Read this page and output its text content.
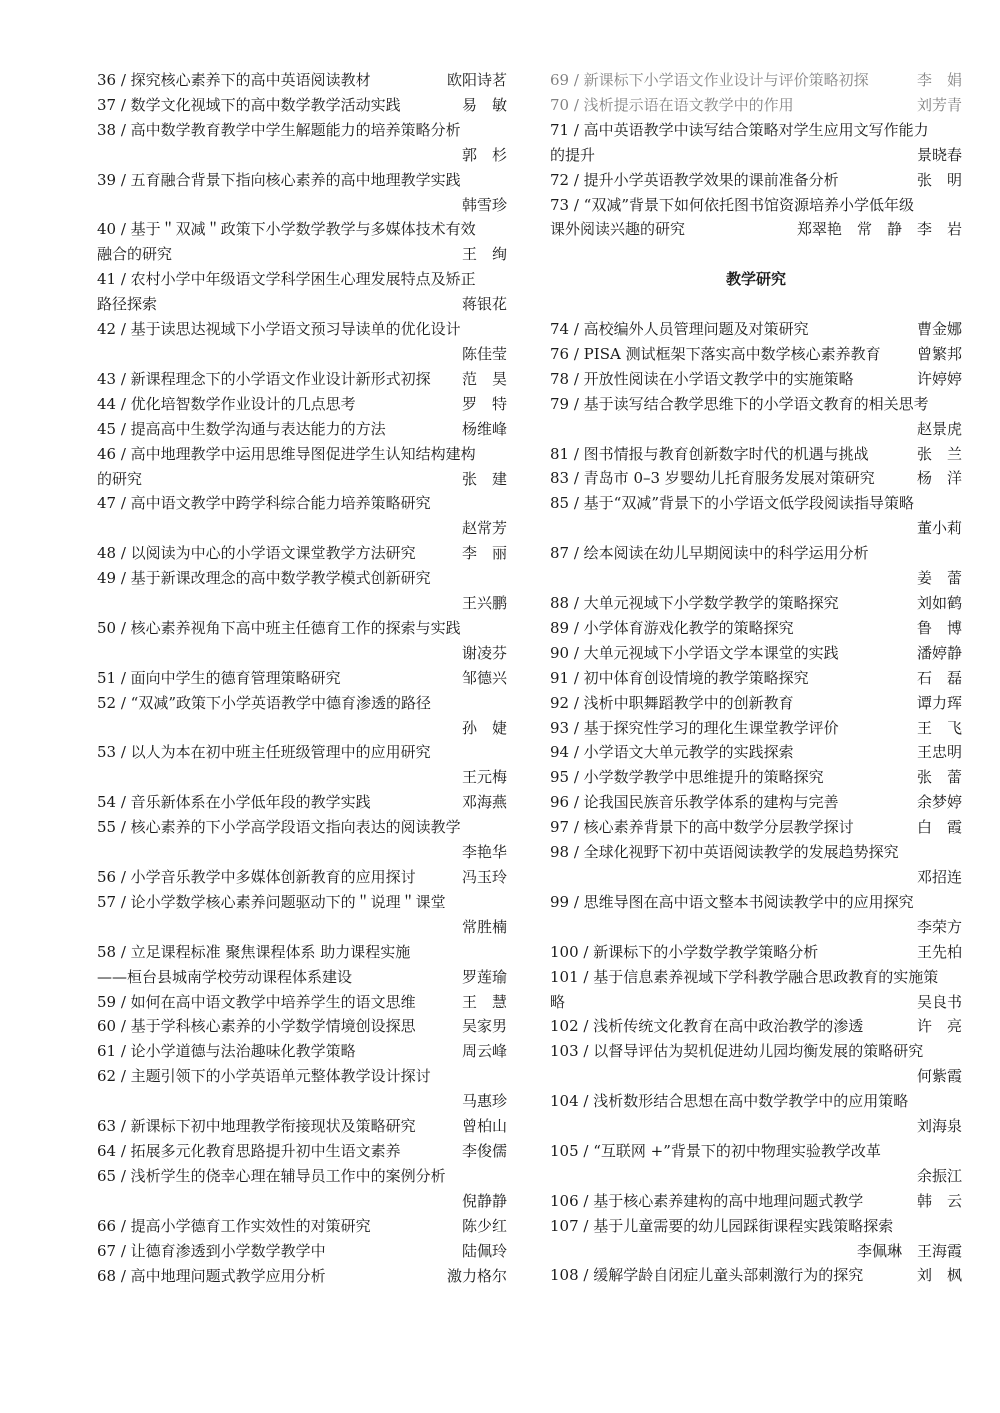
36 / 探究核心素养下的高中英语阅读教材	欧阳诗茗
37 / 数学文化视域下的高中数学教学活动实践	易　敏
38 / 高中数学教育教学中学生解题能力的培养策略分析
郭　杉
39 / 五育融合背景下指向核心素养的高中地理教学实践
韩雪珍
40 / 基于＂双减＂政策下小学数学教学与多媒体技术有效
融合的研究	王　绚
41 / 农村小学中年级语文学科学困生心理发展特点及矫正
路径探索	蒋银花
42 / 基于读思达视域下小学语文预习导读单的优化设计
陈佳莹
43 / 新课程理念下的小学语文作业设计新形式初探	范　昊
44 / 优化培智数学作业设计的几点思考	罗　特
45 / 提高高中生数学沟通与表达能力的方法	杨维峰
46 / 高中地理教学中运用思维导图促进学生认知结构建构
的研究	张　建
47 / 高中语文教学中跨学科综合能力培养策略研究
赵常芳
48 / 以阅读为中心的小学语文课堂教学方法研究	李　丽
49 / 基于新课改理念的高中数学教学模式创新研究
王兴鹏
50 / 核心素养视角下高中班主任德育工作的探索与实践
谢凌芬
51 / 面向中学生的德育管理策略研究	邹德兴
52 / “双减”政策下小学英语教学中德育渗透的路径
孙　婕
53 / 以人为本在初中班主任班级管理中的应用研究
王元梅
54 / 音乐新体系在小学低年段的教学实践	邓海燕
55 / 核心素养的下小学高学段语文指向表达的阅读教学
李艳华
56 / 小学音乐教学中多媒体创新教育的应用探讨	冯玉玲
57 / 论小学数学核心素养问题驱动下的＂说理＂课堂
常胜楠
58 / 立足课程标准 聚焦课程体系 助力课程实施
——桓台县城南学校劳动课程体系建设	罗莲瑜
59 / 如何在高中语文教学中培养学生的语文思维	王　慧
60 / 基于学科核心素养的小学数学情境创设探思	吴家男
61 / 论小学道德与法治趣味化教学策略	周云峰
62 / 主题引领下的小学英语单元整体教学设计探讨
马惠珍
63 / 新课标下初中地理教学衔接现状及策略研究	曾柏山
64 / 拓展多元化教育思路提升初中生语文素养	李俊儒
65 / 浅析学生的侥幸心理在辅导员工作中的案例分析
倪静静
66 / 提高小学德育工作实效性的对策研究	陈少红
67 / 让德育渗透到小学数学教学中	陆佩玲
68 / 高中地理问题式教学应用分析	激力格尔
69 / 新课标下小学语文作业设计与评价策略初探	李　娟
70 / 浅析提示语在语文教学中的作用	刘芳青
71 / 高中英语教学中读写结合策略对学生应用文写作能力
的提升	景晓春
72 / 提升小学英语教学效果的课前准备分析	张　明
73 / “双减”背景下如何依托图书馆资源培养小学低年级
课外阅读兴趣的研究	郑翠艳　常　静　李　岩
教学研究
74 / 高校编外人员管理问题及对策研究	曹金娜
76 / PISA 测试框架下落实高中数学核心素养教育	曾繁邦
78 / 开放性阅读在小学语文教学中的实施策略	许婷婷
79 / 基于读写结合教学思维下的小学语文教育的相关思考
赵景虎
81 / 图书情报与教育创新数字时代的机遇与挑战	张　兰
83 / 青岛市 0–3 岁婴幼儿托育服务发展对策研究	杨　洋
85 / 基于“双减”背景下的小学语文低学段阅读指导策略
董小莉
87 / 绘本阅读在幼儿早期阅读中的科学运用分析
姜　蕾
88 / 大单元视域下小学数学教学的策略探究	刘如鹤
89 / 小学体育游戏化教学的策略探究	鲁　博
90 / 大单元视域下小学语文学本课堂的实践	潘婷静
91 / 初中体育创设情境的教学策略探究	石　磊
92 / 浅析中职舞蹈教学中的创新教育	谭力珲
93 / 基于探究性学习的理化生课堂教学评价	王　飞
94 / 小学语文大单元教学的实践探索	王忠明
95 / 小学数学教学中思维提升的策略探究	张　蕾
96 / 论我国民族音乐教学体系的建构与完善	余梦婷
97 / 核心素养背景下的高中数学分层教学探讨	白　霞
98 / 全球化视野下初中英语阅读教学的发展趋势探究
邓招连
99 / 思维导图在高中语文整本书阅读教学中的应用探究
李荣方
100 / 新课标下的小学数学教学策略分析	王先柏
101 / 基于信息素养视域下学科教学融合思政教育的实施策
略	吴良书
102 / 浅析传统文化教育在高中政治教学的渗透	许　亮
103 / 以督导评估为契机促进幼儿园均衡发展的策略研究
何紫霞
104 / 浅析数形结合思想在高中数学教学中的应用策略
刘海泉
105 / “互联网 +”背景下的初中物理实验教学改革
余振江
106 / 基于核心素养建构的高中地理问题式教学	韩　云
107 / 基于儿童需要的幼儿园踩街课程实践策略探索
李佩琳　王海霞
108 / 缓解学龄自闭症儿童头部刺激行为的探究	刘　枫
